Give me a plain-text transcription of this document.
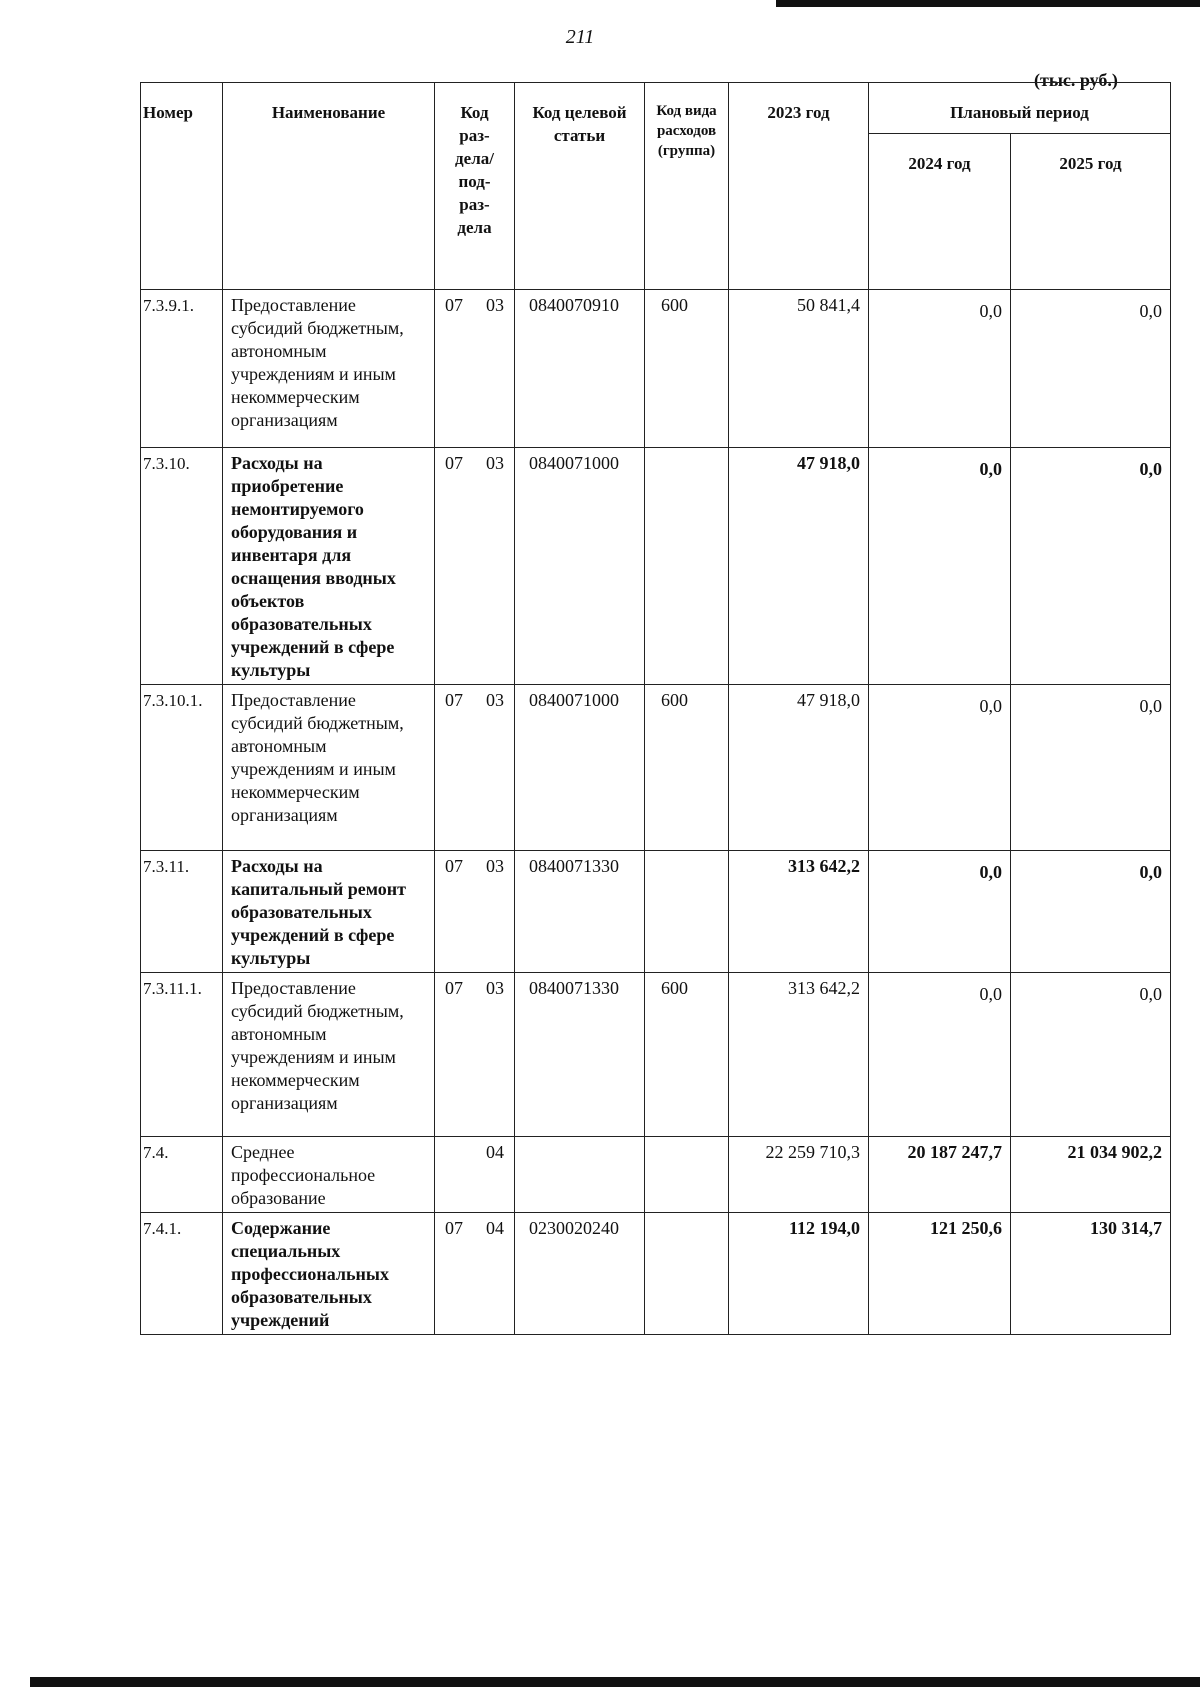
211
(тыс. руб.)
Номер	Наименование	Код раз- дела/ под- раз- дела	Код целевой статьи	Код вида расходов (группа)	2023 год	Плановый период	
						2024 год	2025 год
7.3.9.1.	Предоставление субсидий бюджетным, автономным учреждениям и иным некоммерческим организациям	07 03	0840070910	600	50 841,4	0,0	0,0
7.3.10.	Расходы на приобретение немонтируемого оборудования и инвентаря для оснащения вводных объектов образовательных учреждений в сфере культуры	07 03	0840071000		47 918,0	0,0	0,0
7.3.10.1.	Предоставление субсидий бюджетным, автономным учреждениям и иным некоммерческим организациям	07 03	0840071000	600	47 918,0	0,0	0,0
7.3.11.	Расходы на капитальный ремонт образовательных учреждений в сфере культуры	07 03	0840071330		313 642,2	0,0	0,0
7.3.11.1.	Предоставление субсидий бюджетным, автономным учреждениям и иным некоммерческим организациям	07 03	0840071330	600	313 642,2	0,0	0,0
7.4.	Среднее профессиональное образование	04			22 259 710,3	20 187 247,7	21 034 902,2
7.4.1.	Содержание специальных профессиональных образовательных учреждений	07 04	0230020240		112 194,0	121 250,6	130 314,7
